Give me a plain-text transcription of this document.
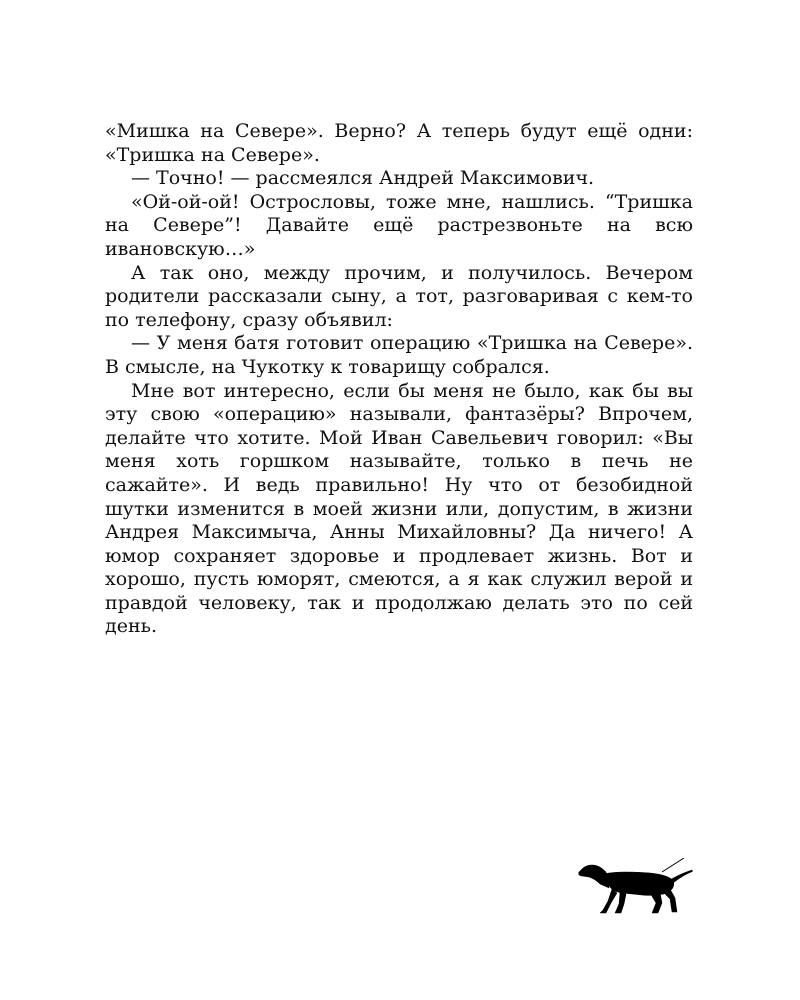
«Мишка на Севере». Верно? А теперь будут ещё одни: «Тришка на Севере».

— Точно! — рассмеялся Андрей Максимович.

«Ой-ой-ой! Острословы, тоже мне, нашлись. “Тришка на Севере”! Давайте ещё растрезвоньте на всю ивановскую…»

А так оно, между прочим, и получилось. Вечером родители рассказали сыну, а тот, разговаривая с кем-то по телефону, сразу объявил:

— У меня батя готовит операцию «Тришка на Севере». В смысле, на Чукотку к товарищу собрался.

Мне вот интересно, если бы меня не было, как бы вы эту свою «операцию» называли, фантазёры? Впрочем, делайте что хотите. Мой Иван Савельевич говорил: «Вы меня хоть горшком называйте, только в печь не сажайте». И ведь правильно! Ну что от безобидной шутки изменится в моей жизни или, допустим, в жизни Андрея Максимыча, Анны Михайловны? Да ничего! А юмор сохраняет здоровье и продлевает жизнь. Вот и хорошо, пусть юморят, смеются, а я как служил верой и правдой человеку, так и продолжаю делать это по сей день.
